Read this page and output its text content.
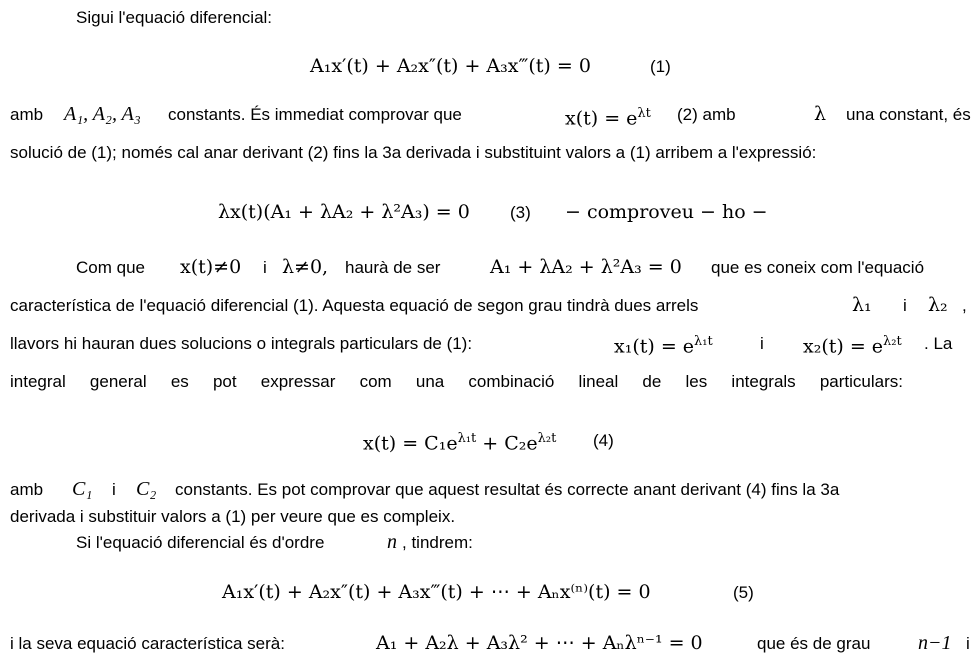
Sigui l'equació diferencial:
A₁x′(t) + A₂x″(t) + A₃x‴(t) = 0	(1)
amb A₁, A₂, A₃ constants. És immediat comprovar que	$x(t) = e^{\lambda t}$ (2) amb	λ una constant, és
solució de (1); només cal anar derivant (2) fins la 3a derivada i substituint valors a (1) arribem a l'expressió:
λx(t)(A₁ + λA₂ + λ²A₃) = 0 (3) − comproveu − ho −
Com que x(t)≠0 i λ≠0, haurà de ser	A₁ + λA₂ + λ²A₃ = 0 que es coneix com l'equació
característica de l'equació diferencial (1). Aquesta equació de segon grau tindrà dues arrels	λ₁ i λ₂ ,
llavors hi hauran dues solucions o integrals particulars de (1):	$x_1(t) = e^{\lambda_1t}$	i $x_2(t) = e^{\lambda_2t}$ . La
integral general es pot expressar com una combinació lineal de les integrals particulars:
$x(t) = C_1e^{\lambda_1t} + C_2e^{\lambda_2t}$ (4)
amb C₁ i C₂ constants. Es pot comprovar que aquest resultat és correcte anant derivant (4) fins la 3a
derivada i substituir valors a (1) per veure que es compleix.
Si l'equació diferencial és d'ordre	n , tindrem:
A₁x′(t) + A₂x″(t) + A₃x‴(t) + ⋯ + Aₙx⁽ⁿ⁾(t) = 0	(5)
i la seva equació característica serà:	A₁ + A₂λ + A₃λ² + ⋯ + Aₙλⁿ⁻¹ = 0	que és de grau n−1 i
